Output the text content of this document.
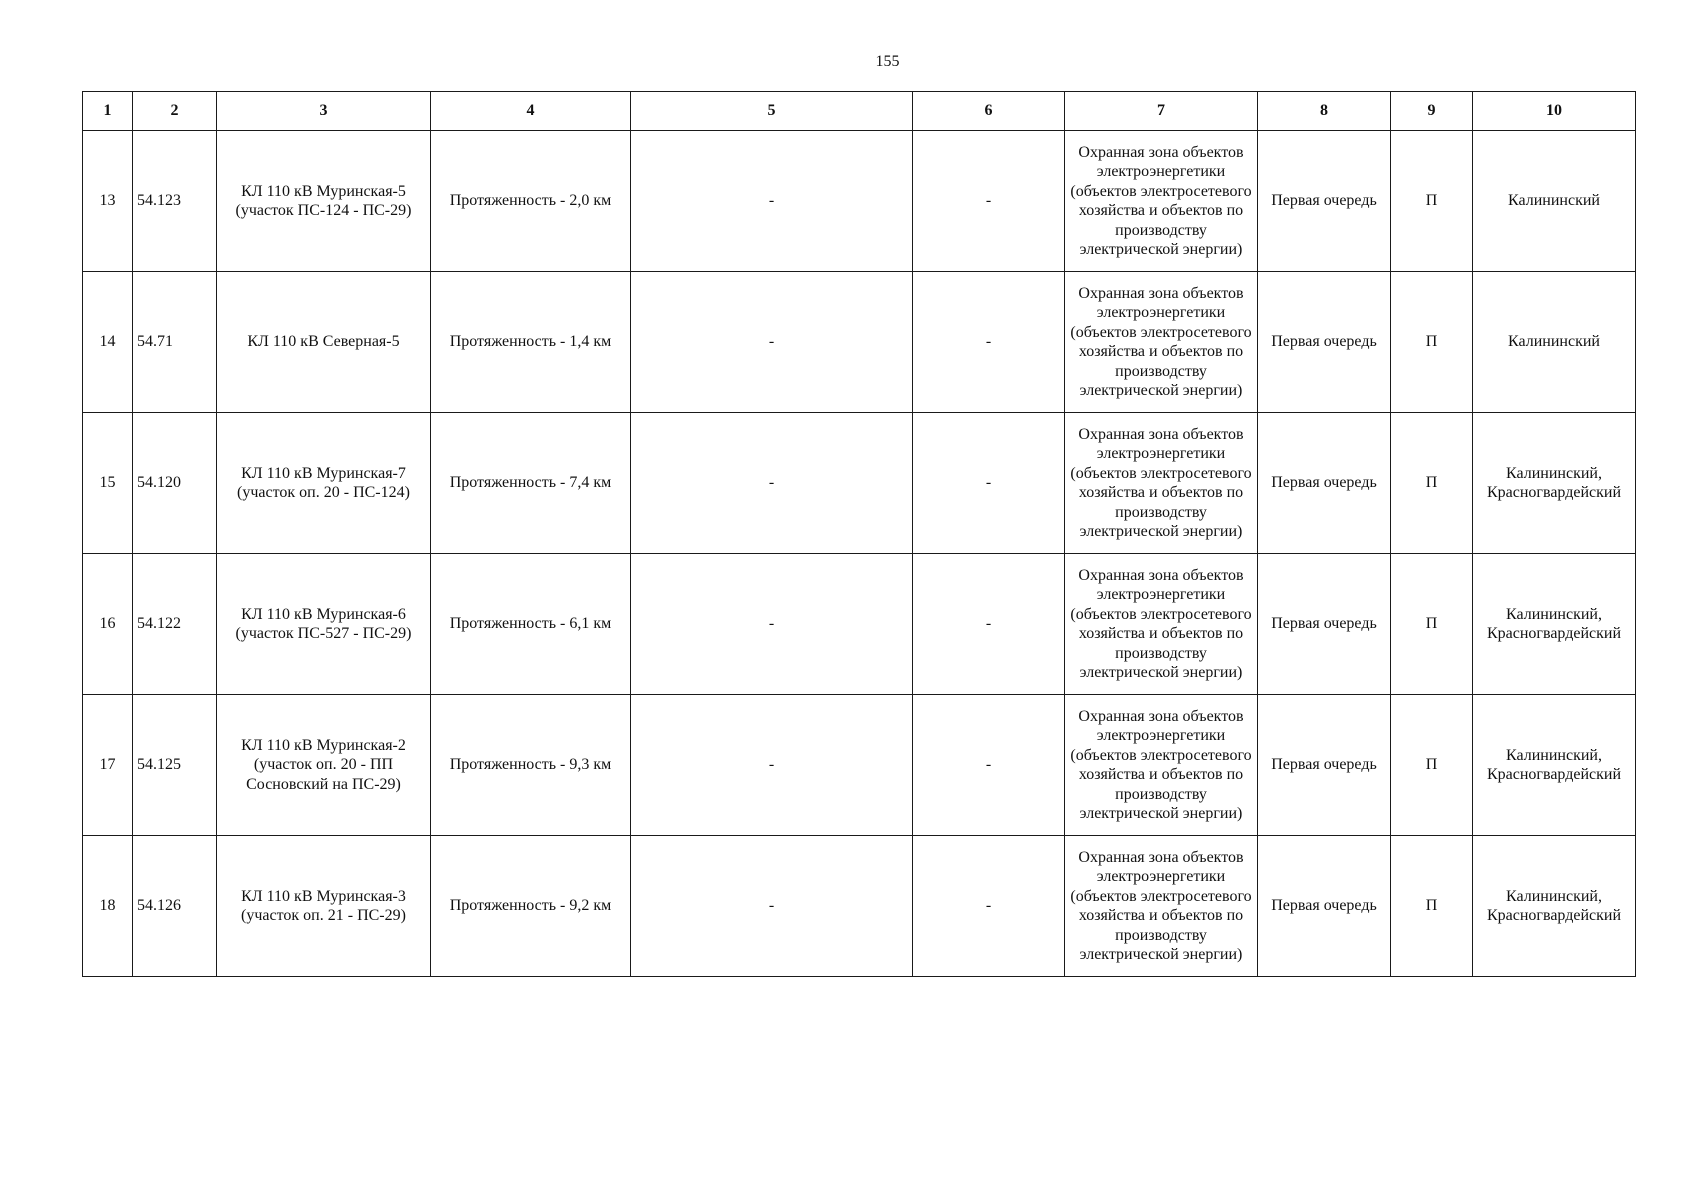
155
1	2	3	4	5	6	7	8	9	10
13	54.123	КЛ 110 кВ Муринская-5 (участок ПС-124 - ПС-29)	Протяженность - 2,0 км	-	-	Охранная зона объектов электроэнергетики (объектов электросетевого хозяйства и объектов по производству электрической энергии)	Первая очередь	П	Калининский
14	54.71	КЛ 110 кВ Северная-5	Протяженность - 1,4 км	-	-	Охранная зона объектов электроэнергетики (объектов электросетевого хозяйства и объектов по производству электрической энергии)	Первая очередь	П	Калининский
15	54.120	КЛ 110 кВ Муринская-7 (участок оп. 20 - ПС-124)	Протяженность - 7,4 км	-	-	Охранная зона объектов электроэнергетики (объектов электросетевого хозяйства и объектов по производству электрической энергии)	Первая очередь	П	Калининский, Красногвардейский
16	54.122	КЛ 110 кВ Муринская-6 (участок ПС-527 - ПС-29)	Протяженность - 6,1 км	-	-	Охранная зона объектов электроэнергетики (объектов электросетевого хозяйства и объектов по производству электрической энергии)	Первая очередь	П	Калининский, Красногвардейский
17	54.125	КЛ 110 кВ Муринская-2 (участок оп. 20 - ПП Сосновский на ПС-29)	Протяженность - 9,3 км	-	-	Охранная зона объектов электроэнергетики (объектов электросетевого хозяйства и объектов по производству электрической энергии)	Первая очередь	П	Калининский, Красногвардейский
18	54.126	КЛ 110 кВ Муринская-3 (участок оп. 21 - ПС-29)	Протяженность - 9,2 км	-	-	Охранная зона объектов электроэнергетики (объектов электросетевого хозяйства и объектов по производству электрической энергии)	Первая очередь	П	Калининский, Красногвардейский
